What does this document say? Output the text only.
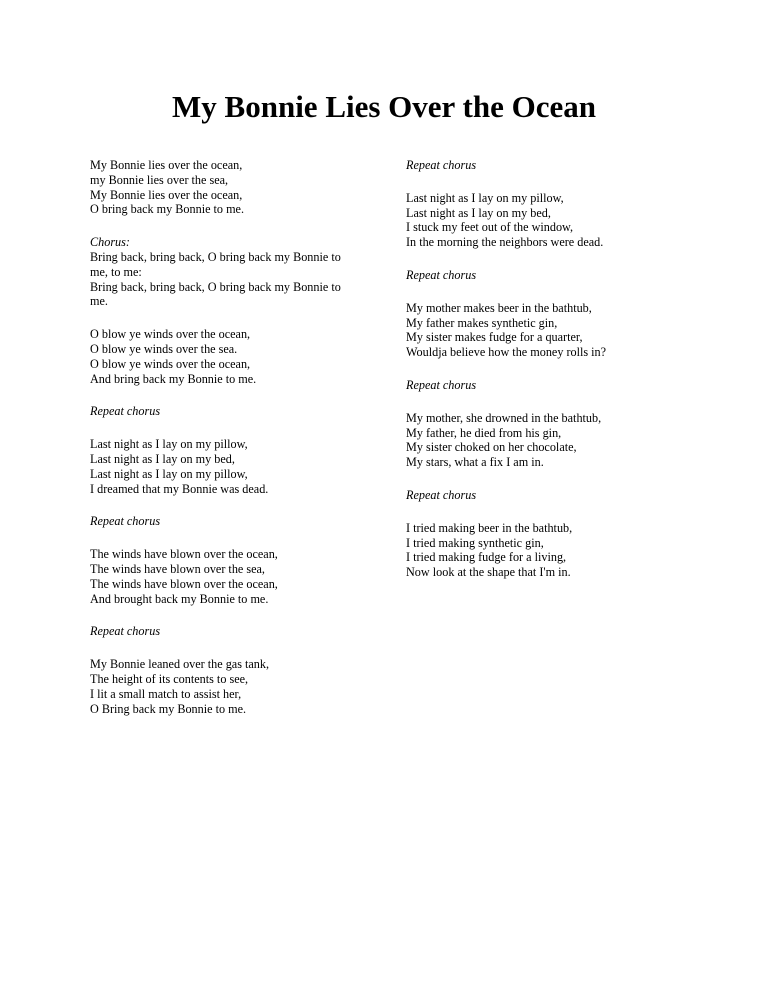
My Bonnie Lies Over the Ocean
My Bonnie lies over the ocean,
my Bonnie lies over the sea,
My Bonnie lies over the ocean,
O bring back my Bonnie to me.
Chorus:
Bring back, bring back, O bring back my Bonnie to me, to me:
Bring back, bring back, O bring back my Bonnie to me.
O blow ye winds over the ocean,
O blow ye winds over the sea.
O blow ye winds over the ocean,
And bring back my Bonnie to me.
Repeat chorus
Last night as I lay on my pillow,
Last night as I lay on my bed,
Last night as I lay on my pillow,
I dreamed that my Bonnie was dead.
Repeat chorus
The winds have blown over the ocean,
The winds have blown over the sea,
The winds have blown over the ocean,
And brought back my Bonnie to me.
Repeat chorus
My Bonnie leaned over the gas tank,
The height of its contents to see,
I lit a small match to assist her,
O Bring back my Bonnie to me.
Repeat chorus
Last night as I lay on my pillow,
Last night as I lay on my bed,
I stuck my feet out of the window,
In the morning the neighbors were dead.
Repeat chorus
My mother makes beer in the bathtub,
My father makes synthetic gin,
My sister makes fudge for a quarter,
Wouldja believe how the money rolls in?
Repeat chorus
My mother, she drowned in the bathtub,
My father, he died from his gin,
My sister choked on her chocolate,
My stars, what a fix I am in.
Repeat chorus
I tried making beer in the bathtub,
I tried making synthetic gin,
I tried making fudge for a living,
Now look at the shape that I'm in.
